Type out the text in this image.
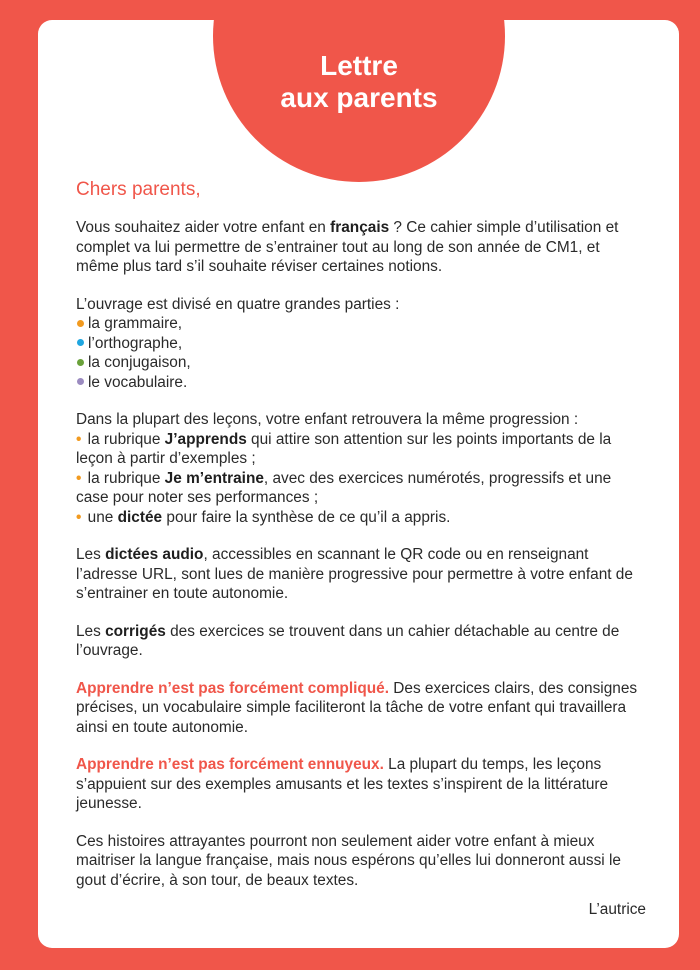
Lettre
aux parents
Chers parents,

Vous souhaitez aider votre enfant en français ? Ce cahier simple d’utilisation et complet va lui permettre de s’entrainer tout au long de son année de CM1, et même plus tard s’il souhaite réviser certaines notions.

L’ouvrage est divisé en quatre grandes parties :
la grammaire,
l’orthographe,
la conjugaison,
le vocabulaire.
Dans la plupart des leçons, votre enfant retrouvera la même progression :
• la rubrique J’apprends qui attire son attention sur les points importants de la leçon à partir d’exemples ;
• la rubrique Je m’entraine, avec des exercices numérotés, progressifs et une case pour noter ses performances ;
• une dictée pour faire la synthèse de ce qu’il a appris.

Les dictées audio, accessibles en scannant le QR code ou en renseignant l’adresse URL, sont lues de manière progressive pour permettre à votre enfant de s’entrainer en toute autonomie.

Les corrigés des exercices se trouvent dans un cahier détachable au centre de l’ouvrage.

Apprendre n’est pas forcément compliqué. Des exercices clairs, des consignes précises, un vocabulaire simple faciliteront la tâche de votre enfant qui travaillera ainsi en toute autonomie.

Apprendre n’est pas forcément ennuyeux. La plupart du temps, les leçons s’appuient sur des exemples amusants et les textes s’inspirent de la littérature jeunesse.

Ces histoires attrayantes pourront non seulement aider votre enfant à mieux maitriser la langue française, mais nous espérons qu’elles lui donneront aussi le gout d’écrire, à son tour, de beaux textes.

L’autrice
